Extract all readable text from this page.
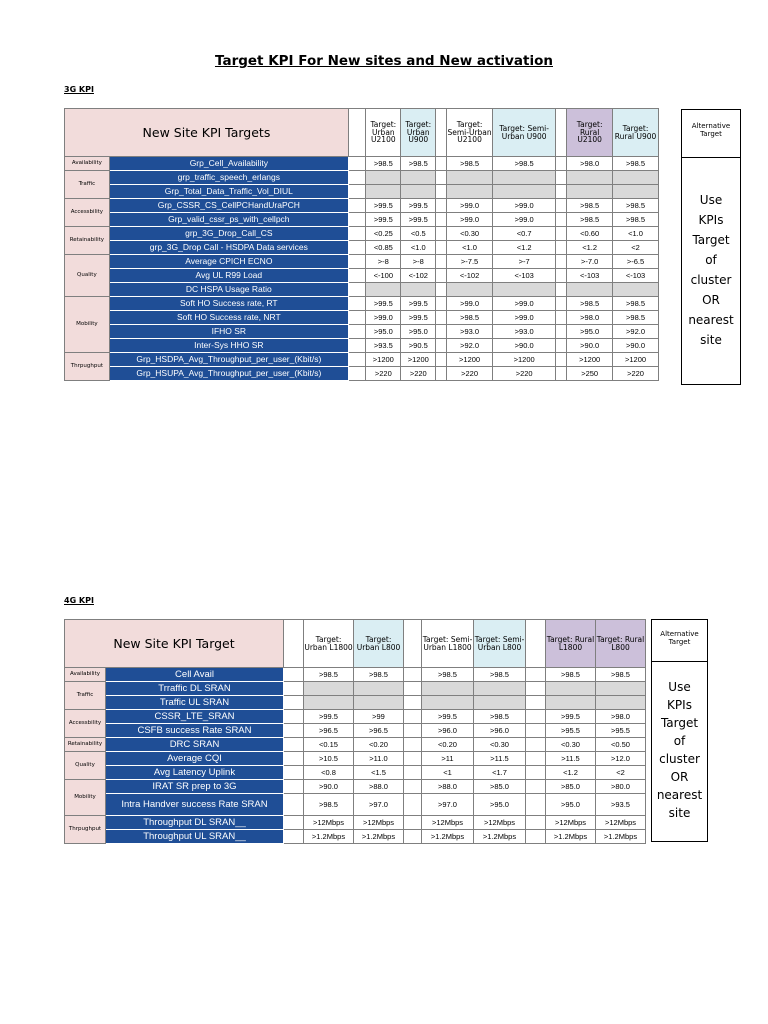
Target KPI For New sites and New activation
3G KPI
New Site KPI Targets			Target: Urban U2100	Target: Urban U900		Target: Semi-Urban U2100	Target: Semi-Urban U900		Target: Rural U2100	Target: Rural U900
Availability	Grp_Cell_Availability		>98.5	>98.5		>98.5	>98.5		>98.0	>98.5
Traffic	grp_traffic_speech_erlangs									
	Grp_Total_Data_Traffic_Vol_DIUL									
Accessbility	Grp_CSSR_CS_CellPCHandUraPCH		>99.5	>99.5		>99.0	>99.0		>98.5	>98.5
	Grp_valid_cssr_ps_with_cellpch		>99.5	>99.5		>99.0	>99.0		>98.5	>98.5
Retainability	grp_3G_Drop_Call_CS		<0.25	<0.5		<0.30	<0.7		<0.60	<1.0
	grp_3G_Drop Call - HSDPA Data services		<0.85	<1.0		<1.0	<1.2		<1.2	<2
Quality	Average CPICH ECNO		>-8	>-8		>-7.5	>-7		>-7.0	>-6.5
	Avg UL R99 Load		<-100	<-102		<-102	<-103		<-103	<-103
	DC HSPA Usage Ratio									
Mobility	Soft HO Success rate, RT		>99.5	>99.5		>99.0	>99.0		>98.5	>98.5
	Soft HO Success rate, NRT		>99.0	>99.5		>98.5	>99.0		>98.0	>98.5
	IFHO SR		>95.0	>95.0		>93.0	>93.0		>95.0	>92.0
	Inter-Sys HHO SR		>93.5	>90.5		>92.0	>90.0		>90.0	>90.0
Thrpughput	Grp_HSDPA_Avg_Throughput_per_user_(Kbit/s)		>1200	>1200		>1200	>1200		>1200	>1200
	Grp_HSUPA_Avg_Throughput_per_user_(Kbit/s)		>220	>220		>220	>220		>250	>220
Alternative Target
Use
KPIs
Target
of
cluster
OR
nearest
site
4G KPI
New Site KPI Target			Target: Urban L1800	Target: Urban L800		Target: Semi-Urban L1800	Target: Semi-Urban L800		Target: Rural L1800	Target: Rural L800
Availability	Cell Avail		>98.5	>98.5		>98.5	>98.5		>98.5	>98.5
Traffic	Trraffic DL SRAN									
	Traffic UL SRAN									
Accessbility	CSSR_LTE_SRAN		>99.5	>99		>99.5	>98.5		>99.5	>98.0
	CSFB success Rate SRAN		>96.5	>96.5		>96.0	>96.0		>95.5	>95.5
Retainability	DRC SRAN		<0.15	<0.20		<0.20	<0.30		<0.30	<0.50
Quality	Average CQI		>10.5	>11.0		>11	>11.5		>11.5	>12.0
	Avg Latency Uplink		<0.8	<1.5		<1	<1.7		<1.2	<2
Mobility	IRAT SR prep to 3G		>90.0	>88.0		>88.0	>85.0		>85.0	>80.0
	Intra Handver success Rate SRAN		>98.5	>97.0		>97.0	>95.0		>95.0	>93.5
Thrpughput	Throughput DL SRAN__		>12Mbps	>12Mbps		>12Mbps	>12Mbps		>12Mbps	>12Mbps
	Throughput UL SRAN__		>1.2Mbps	>1.2Mbps		>1.2Mbps	>1.2Mbps		>1.2Mbps	>1.2Mbps
Alternative Target
Use
KPIs
Target
of
cluster
OR
nearest
site
